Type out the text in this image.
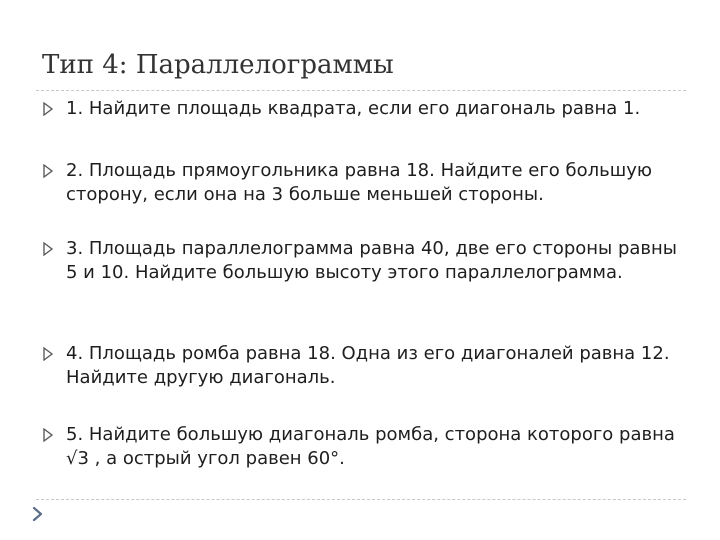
Тип 4: Параллелограммы
1. Найдите площадь квадрата, если его диагональ равна 1.
2. Площадь прямоугольника равна 18. Найдите его большую сторону, если она на 3 больше меньшей стороны.
3. Площадь параллелограмма равна 40, две его стороны равны 5 и 10. Найдите большую высоту этого параллелограмма.
4. Площадь ромба равна 18. Одна из его диагоналей равна 12. Найдите другую диагональ.
5. Найдите большую диагональ ромба, сторона которого равна √3 , а острый угол равен 60°.
